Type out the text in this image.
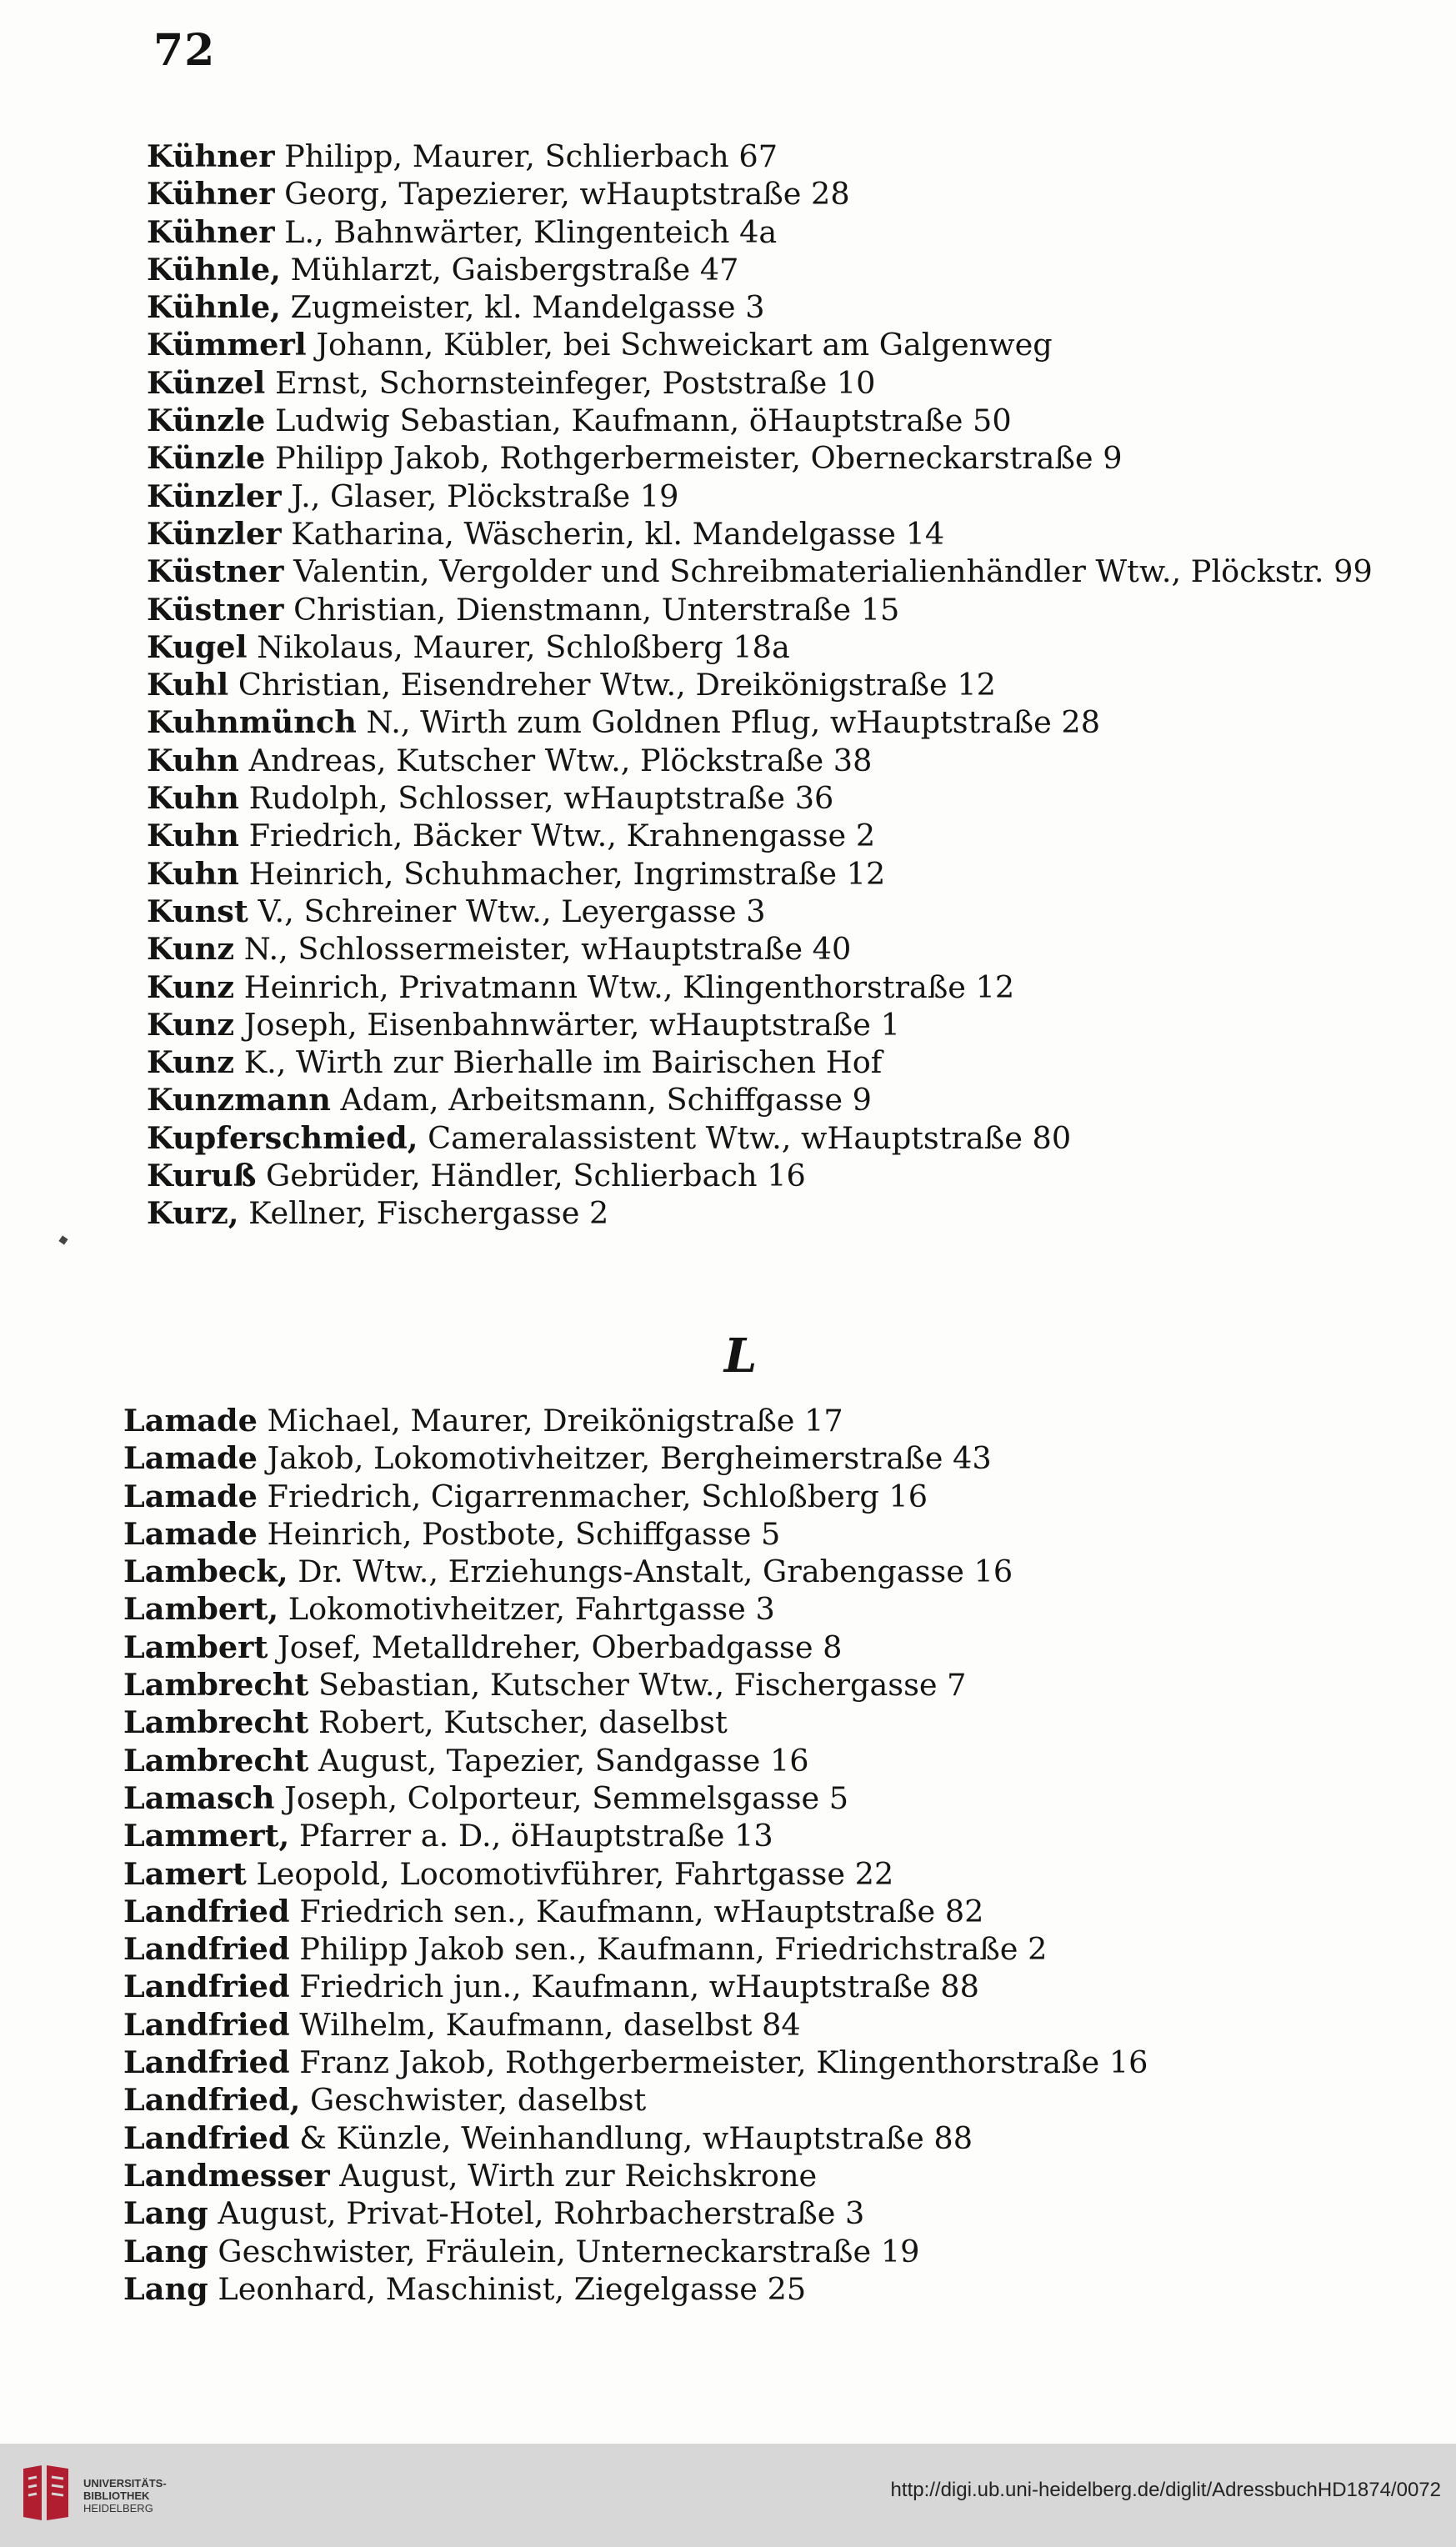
72
Kühner Philipp, Maurer, Schlierbach 67
Kühner Georg, Tapezierer, wHauptstraße 28
Kühner L., Bahnwärter, Klingenteich 4a
Kühnle, Mühlarzt, Gaisbergstraße 47
Kühnle, Zugmeister, kl. Mandelgasse 3
Kümmerl Johann, Kübler, bei Schweickart am Galgenweg
Künzel Ernst, Schornsteinfeger, Poststraße 10
Künzle Ludwig Sebastian, Kaufmann, öHauptstraße 50
Künzle Philipp Jakob, Rothgerbermeister, Oberneckarstraße 9
Künzler J., Glaser, Plöckstraße 19
Künzler Katharina, Wäscherin, kl. Mandelgasse 14
Küstner Valentin, Vergolder und Schreibmaterialienhändler Wtw., Plöckstr. 99
Küstner Christian, Dienstmann, Unterstraße 15
Kugel Nikolaus, Maurer, Schloßberg 18a
Kuhl Christian, Eisendreher Wtw., Dreikönigstraße 12
Kuhnmünch N., Wirth zum Goldnen Pflug, wHauptstraße 28
Kuhn Andreas, Kutscher Wtw., Plöckstraße 38
Kuhn Rudolph, Schlosser, wHauptstraße 36
Kuhn Friedrich, Bäcker Wtw., Krahnengasse 2
Kuhn Heinrich, Schuhmacher, Ingrimstraße 12
Kunst V., Schreiner Wtw., Leyergasse 3
Kunz N., Schlossermeister, wHauptstraße 40
Kunz Heinrich, Privatmann Wtw., Klingenthorstraße 12
Kunz Joseph, Eisenbahnwärter, wHauptstraße 1
Kunz K., Wirth zur Bierhalle im Bairischen Hof
Kunzmann Adam, Arbeitsmann, Schiffgasse 9
Kupferschmied, Cameralassistent Wtw., wHauptstraße 80
Kuruß Gebrüder, Händler, Schlierbach 16
Kurz, Kellner, Fischergasse 2
L
Lamade Michael, Maurer, Dreikönigstraße 17
Lamade Jakob, Lokomotivheitzer, Bergheimerstraße 43
Lamade Friedrich, Cigarrenmacher, Schloßberg 16
Lamade Heinrich, Postbote, Schiffgasse 5
Lambeck, Dr. Wtw., Erziehungs-Anstalt, Grabengasse 16
Lambert, Lokomotivheitzer, Fahrtgasse 3
Lambert Josef, Metalldreher, Oberbadgasse 8
Lambrecht Sebastian, Kutscher Wtw., Fischergasse 7
Lambrecht Robert, Kutscher, daselbst
Lambrecht August, Tapezier, Sandgasse 16
Lamasch Joseph, Colporteur, Semmelsgasse 5
Lammert, Pfarrer a. D., öHauptstraße 13
Lamert Leopold, Locomotivführer, Fahrtgasse 22
Landfried Friedrich sen., Kaufmann, wHauptstraße 82
Landfried Philipp Jakob sen., Kaufmann, Friedrichstraße 2
Landfried Friedrich jun., Kaufmann, wHauptstraße 88
Landfried Wilhelm, Kaufmann, daselbst 84
Landfried Franz Jakob, Rothgerbermeister, Klingenthorstraße 16
Landfried, Geschwister, daselbst
Landfried & Künzle, Weinhandlung, wHauptstraße 88
Landmesser August, Wirth zur Reichskrone
Lang August, Privat-Hotel, Rohrbacherstraße 3
Lang Geschwister, Fräulein, Unterneckarstraße 19
Lang Leonhard, Maschinist, Ziegelgasse 25
UNIVERSITÄTS-
BIBLIOTHEK
HEIDELBERG
http://digi.ub.uni-heidelberg.de/diglit/AdressbuchHD1874/0072
